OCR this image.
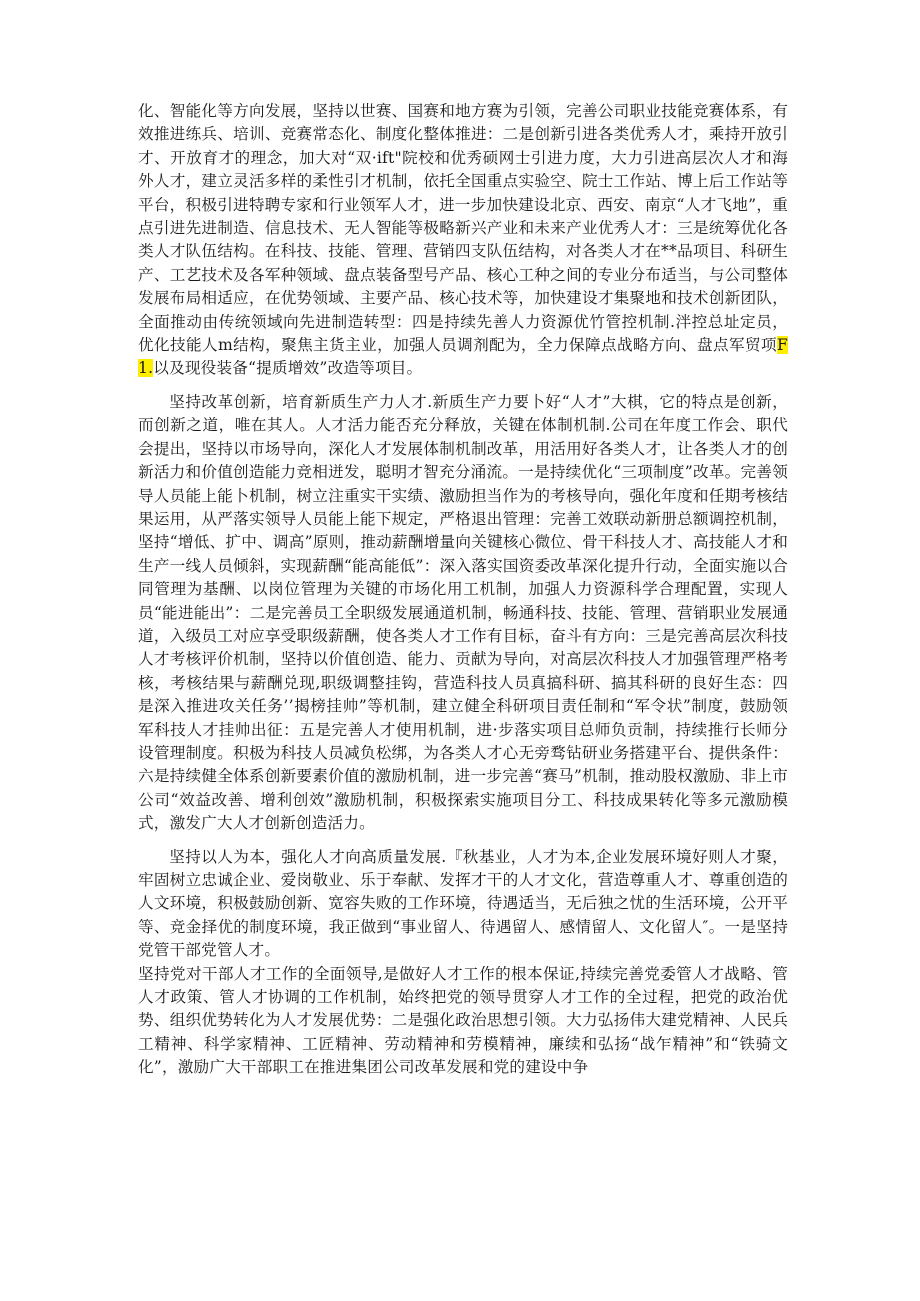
化、智能化等方向发展，坚持以世赛、国赛和地方赛为引领，完善公司职业技能竞赛体系，有效推进练兵、培训、竞赛常态化、制度化整体推进：二是创新引进各类优秀人才，乘持开放引才、开放育才的理念，加大对“双·ift"院校和优秀硕网士引进力度，大力引进高层次人才和海外人才，建立灵活多样的柔性引才机制，依托全国重点实验空、院士工作站、博上后工作站等平台，积极引进特聘专家和行业领军人才，进一步加快建设北京、西安、南京“人才飞地”，重点引进先进制造、信息技术、无人智能等极略新兴产业和未来产业优秀人才：三是统筹优化各类人才队伍结构。在科技、技能、管理、营销四支队伍结构，对各类人才在**品项目、科研生产、工艺技术及各军种领域、盘点装备型号产品、核心工种之间的专业分布适当，与公司整体发展布局相适应，在优势领域、主要产品、核心技术等，加快建设才集聚地和技术创新团队，全面推动由传统领域向先进制造转型：四是持续先善人力资源优竹管控机制.泮控总址定员，优化技能人m结构，聚焦主货主业，加强人员调剂配为，全力保障点战略方向、盘点军贸项F1.以及现役装备“提质增效”改造等项目。

坚持改革创新，培育新质生产力人才.新质生产力要卜好“人才”大棋，它的特点是创新，而创新之道，唯在其人。人才活力能否充分释放，关键在体制机制.公司在年度工作会、职代会提出，坚持以市场导向，深化人才发展体制机制改革，用活用好各类人才，让各类人才的创新活力和价值创造能力竞相迸发，聪明才智充分涌流。一是持续优化“三项制度”改革。完善领导人员能上能卜机制，树立注重实干实绩、激励担当作为的考核导向，强化年度和任期考核结果运用，从严落实领导人员能上能下规定，严格退出管理：完善工效联动新册总额调控机制，坚持“增低、扩中、调高”原则，推动薪酬增量向关键核心微位、骨干科技人才、高技能人才和生产一线人员倾斜，实现薪酬“能高能低”：深入落实国资委改革深化提升行动，全面实施以合同管理为基酬、以岗位管理为关键的市场化用工机制，加强人力资源科学合理配置，实现人员“能进能出”：二是完善员工全职级发展通道机制，畅通科技、技能、管理、营销职业发展通道，入级员工对应享受职级薪酬，使各类人才工作有目标，奋斗有方向：三是完善高层次科技人才考核评价机制，坚持以价值创造、能力、贡献为导向，对高层次科技人才加强管理严格考核，考核结果与薪酬兑现,职级调整挂钩，营造科技人员真搞科研、搞其科研的良好生态：四是深入推进攻关任务’’揭榜挂帅”等机制，建立健全科研项目责任制和“军令状”制度，鼓励领军科技人才挂帅出征：五是完善人才使用机制，进·步落实项目总师负贡制，持续推行长师分设管理制度。积极为科技人员减负松绑，为各类人才心无旁骛钻研业务搭建平台、提供条件：六是持续健全体系创新要素价值的激励机制，进一步完善“赛马”机制，推动股权激励、非上市公司“效益改善、增利创效”激励机制，积极探索实施项目分工、科技成果转化等多元激励模式，激发广大人才创新创造活力。

坚持以人为本，强化人才向高质量发展.『秋基业，人才为本,企业发展环境好则人才聚，牢固树立忠诚企业、爱岗敬业、乐于奉献、发挥才干的人才文化，营造尊重人才、尊重创造的人文环境，积极鼓励创新、宽容失败的工作环境，待遇适当，无后独之忧的生活环境，公开平等、竞金择优的制度环境，我正做到“事业留人、待遇留人、感情留人、文化留人″。一是坚持党管干部党管人才。

坚持党对干部人才工作的全面领导,是做好人才工作的根本保证,持续完善党委管人才战略、管人才政策、管人才协调的工作机制，始终把党的领导贯穿人才工作的全过程，把党的政治优势、组织优势转化为人才发展优势：二是强化政治思想引领。大力弘扬伟大建党精神、人民兵工精神、科学家精神、工匠精神、劳动精神和劳模精神，廉续和弘扬“战乍精神”和“铁骑文化”，激励广大干部职工在推进集团公司改革发展和党的建设中争
